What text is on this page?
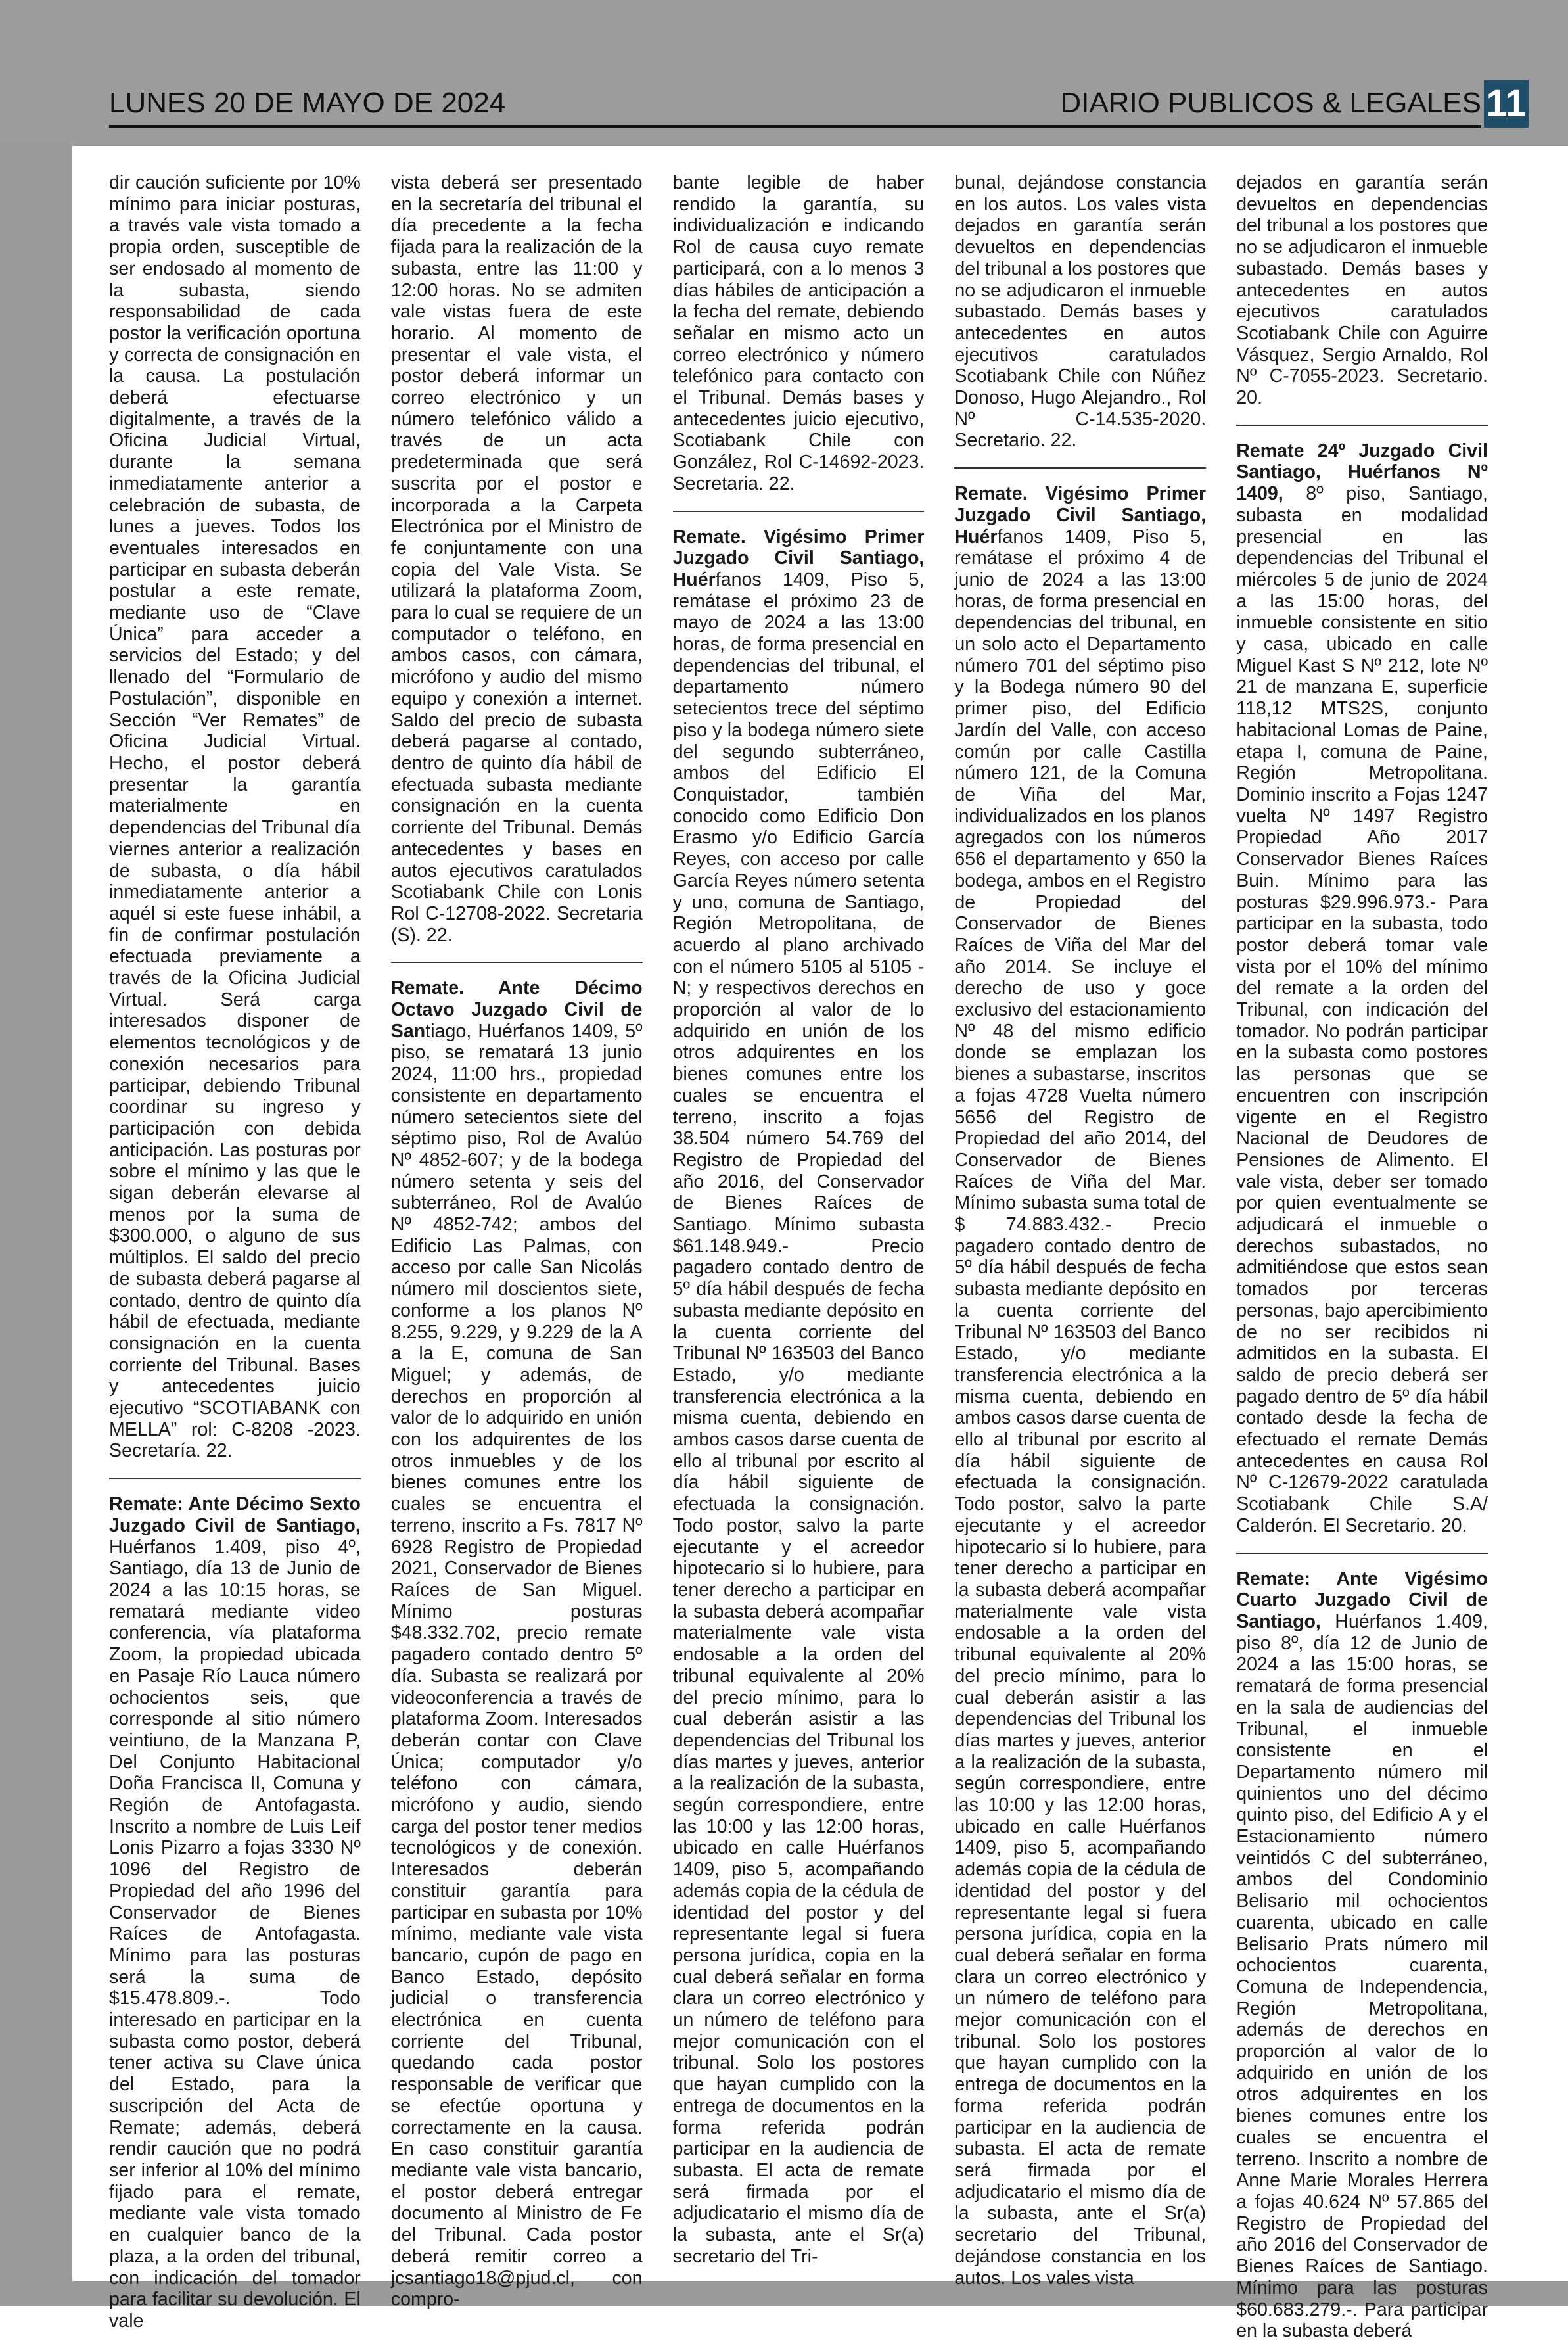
LUNES 20 DE MAYO DE 2024	DIARIO PUBLICOS & LEGALES 11

dir caución suficiente por 10% mínimo para iniciar posturas, a través vale vista tomado a propia orden, susceptible de ser endosado al momento de la subasta, siendo responsabilidad de cada postor la verificación oportuna y correcta de consignación en la causa. La postulación deberá efectuarse digitalmente, a través de la Oficina Judicial Virtual, durante la semana inmediatamente anterior a celebración de subasta, de lunes a jueves. Todos los eventuales interesados en participar en subasta deberán postular a este remate, mediante uso de “Clave Única” para acceder a servicios del Estado; y del llenado del “Formulario de Postulación”, disponible en Sección “Ver Remates” de Oficina Judicial Virtual. Hecho, el postor deberá presentar la garantía materialmente en dependencias del Tribunal día viernes anterior a realización de subasta, o día hábil inmediatamente anterior a aquél si este fuese inhábil, a fin de confirmar postulación efectuada previamente a través de la Oficina Judicial Virtual. Será carga interesados disponer de elementos tecnológicos y de conexión necesarios para participar, debiendo Tribunal coordinar su ingreso y participación con debida anticipación. Las posturas por sobre el mínimo y las que le sigan deberán elevarse al menos por la suma de $300.000, o alguno de sus múltiplos. El saldo del precio de subasta deberá pagarse al contado, dentro de quinto día hábil de efectuada, mediante consignación en la cuenta corriente del Tribunal. Bases y antecedentes juicio ejecutivo “SCOTIABANK con MELLA” rol: C-8208 -2023. Secretaría. 22.

Remate: Ante Décimo Sexto Juzgado Civil de Santiago, Huérfanos 1.409, piso 4º, Santiago, día 13 de Junio de 2024 a las 10:15 horas, se rematará mediante video conferencia, vía plataforma Zoom, la propiedad ubicada en Pasaje Río Lauca número ochocientos seis, que corresponde al sitio número veintiuno, de la Manzana P, Del Conjunto Habitacional Doña Francisca II, Comuna y Región de Antofagasta. Inscrito a nombre de Luis Leif Lonis Pizarro a fojas 3330 Nº 1096 del Registro de Propiedad del año 1996 del Conservador de Bienes Raíces de Antofagasta. Mínimo para las posturas será la suma de $15.478.809.-. Todo interesado en participar en la subasta como postor, deberá tener activa su Clave única del Estado, para la suscripción del Acta de Remate; además, deberá rendir caución que no podrá ser inferior al 10% del mínimo fijado para el remate, mediante vale vista tomado en cualquier banco de la plaza, a la orden del tribunal, con indicación del tomador para facilitar su devolución. El vale

vista deberá ser presentado en la secretaría del tribunal el día precedente a la fecha fijada para la realización de la subasta, entre las 11:00 y 12:00 horas. No se admiten vale vistas fuera de este horario. Al momento de presentar el vale vista, el postor deberá informar un correo electrónico y un número telefónico válido a través de un acta predeterminada que será suscrita por el postor e incorporada a la Carpeta Electrónica por el Ministro de fe conjuntamente con una copia del Vale Vista. Se utilizará la plataforma Zoom, para lo cual se requiere de un computador o teléfono, en ambos casos, con cámara, micrófono y audio del mismo equipo y conexión a internet. Saldo del precio de subasta deberá pagarse al contado, dentro de quinto día hábil de efectuada subasta mediante consignación en la cuenta corriente del Tribunal. Demás antecedentes y bases en autos ejecutivos caratulados Scotiabank Chile con Lonis Rol C-12708-2022. Secretaria (S). 22.

Remate. Ante Décimo Octavo Juzgado Civil de Santiago, Huérfanos 1409, 5º piso, se rematará 13 junio 2024, 11:00 hrs., propiedad consistente en departamento número setecientos siete del séptimo piso, Rol de Avalúo Nº 4852-607; y de la bodega número setenta y seis del subterráneo, Rol de Avalúo Nº 4852-742; ambos del Edificio Las Palmas, con acceso por calle San Nicolás número mil doscientos siete, conforme a los planos Nº 8.255, 9.229, y 9.229 de la A a la E, comuna de San Miguel; y además, de derechos en proporción al valor de lo adquirido en unión con los adquirentes de los otros inmuebles y de los bienes comunes entre los cuales se encuentra el terreno, inscrito a Fs. 7817 Nº 6928 Registro de Propiedad 2021, Conservador de Bienes Raíces de San Miguel. Mínimo posturas $48.332.702, precio remate pagadero contado dentro 5º día. Subasta se realizará por videoconferencia a través de plataforma Zoom. Interesados deberán contar con Clave Única; computador y/o teléfono con cámara, micrófono y audio, siendo carga del postor tener medios tecnológicos y de conexión. Interesados deberán constituir garantía para participar en subasta por 10% mínimo, mediante vale vista bancario, cupón de pago en Banco Estado, depósito judicial o transferencia electrónica en cuenta corriente del Tribunal, quedando cada postor responsable de verificar que se efectúe oportuna y correctamente en la causa. En caso constituir garantía mediante vale vista bancario, el postor deberá entregar documento al Ministro de Fe del Tribunal. Cada postor deberá remitir correo a jcsantiago18@pjud.cl, con compro-

bante legible de haber rendido la garantía, su individualización e indicando Rol de causa cuyo remate participará, con a lo menos 3 días hábiles de anticipación a la fecha del remate, debiendo señalar en mismo acto un correo electrónico y número telefónico para contacto con el Tribunal. Demás bases y antecedentes juicio ejecutivo, Scotiabank Chile con González, Rol C-14692-2023. Secretaria. 22.

Remate. Vigésimo Primer Juzgado Civil Santiago, Huérfanos 1409, Piso 5, remátase el próximo 23 de mayo de 2024 a las 13:00 horas, de forma presencial en dependencias del tribunal, el departamento número setecientos trece del séptimo piso y la bodega número siete del segundo subterráneo, ambos del Edificio El Conquistador, también conocido como Edificio Don Erasmo y/o Edificio García Reyes, con acceso por calle García Reyes número setenta y uno, comuna de Santiago, Región Metropolitana, de acuerdo al plano archivado con el número 5105 al 5105 - N; y respectivos derechos en proporción al valor de lo adquirido en unión de los otros adquirentes en los bienes comunes entre los cuales se encuentra el terreno, inscrito a fojas 38.504 número 54.769 del Registro de Propiedad del año 2016, del Conservador de Bienes Raíces de Santiago. Mínimo subasta $61.148.949.- Precio pagadero contado dentro de 5º día hábil después de fecha subasta mediante depósito en la cuenta corriente del Tribunal Nº 163503 del Banco Estado, y/o mediante transferencia electrónica a la misma cuenta, debiendo en ambos casos darse cuenta de ello al tribunal por escrito al día hábil siguiente de efectuada la consignación. Todo postor, salvo la parte ejecutante y el acreedor hipotecario si lo hubiere, para tener derecho a participar en la subasta deberá acompañar materialmente vale vista endosable a la orden del tribunal equivalente al 20% del precio mínimo, para lo cual deberán asistir a las dependencias del Tribunal los días martes y jueves, anterior a la realización de la subasta, según correspondiere, entre las 10:00 y las 12:00 horas, ubicado en calle Huérfanos 1409, piso 5, acompañando además copia de la cédula de identidad del postor y del representante legal si fuera persona jurídica, copia en la cual deberá señalar en forma clara un correo electrónico y un número de teléfono para mejor comunicación con el tribunal. Solo los postores que hayan cumplido con la entrega de documentos en la forma referida podrán participar en la audiencia de subasta. El acta de remate será firmada por el adjudicatario el mismo día de la subasta, ante el Sr(a) secretario del Tri-

bunal, dejándose constancia en los autos. Los vales vista dejados en garantía serán devueltos en dependencias del tribunal a los postores que no se adjudicaron el inmueble subastado. Demás bases y antecedentes en autos ejecutivos caratulados Scotiabank Chile con Núñez Donoso, Hugo Alejandro., Rol Nº C-14.535-2020. Secretario. 22.

Remate. Vigésimo Primer Juzgado Civil Santiago, Huérfanos 1409, Piso 5, remátase el próximo 4 de junio de 2024 a las 13:00 horas, de forma presencial en dependencias del tribunal, en un solo acto el Departamento número 701 del séptimo piso y la Bodega número 90 del primer piso, del Edificio Jardín del Valle, con acceso común por calle Castilla número 121, de la Comuna de Viña del Mar, individualizados en los planos agregados con los números 656 el departamento y 650 la bodega, ambos en el Registro de Propiedad del Conservador de Bienes Raíces de Viña del Mar del año 2014. Se incluye el derecho de uso y goce exclusivo del estacionamiento Nº 48 del mismo edificio donde se emplazan los bienes a subastarse, inscritos a fojas 4728 Vuelta número 5656 del Registro de Propiedad del año 2014, del Conservador de Bienes Raíces de Viña del Mar. Mínimo subasta suma total de $ 74.883.432.- Precio pagadero contado dentro de 5º día hábil después de fecha subasta mediante depósito en la cuenta corriente del Tribunal Nº 163503 del Banco Estado, y/o mediante transferencia electrónica a la misma cuenta, debiendo en ambos casos darse cuenta de ello al tribunal por escrito al día hábil siguiente de efectuada la consignación. Todo postor, salvo la parte ejecutante y el acreedor hipotecario si lo hubiere, para tener derecho a participar en la subasta deberá acompañar materialmente vale vista endosable a la orden del tribunal equivalente al 20% del precio mínimo, para lo cual deberán asistir a las dependencias del Tribunal los días martes y jueves, anterior a la realización de la subasta, según correspondiere, entre las 10:00 y las 12:00 horas, ubicado en calle Huérfanos 1409, piso 5, acompañando además copia de la cédula de identidad del postor y del representante legal si fuera persona jurídica, copia en la cual deberá señalar en forma clara un correo electrónico y un número de teléfono para mejor comunicación con el tribunal. Solo los postores que hayan cumplido con la entrega de documentos en la forma referida podrán participar en la audiencia de subasta. El acta de remate será firmada por el adjudicatario el mismo día de la subasta, ante el Sr(a) secretario del Tribunal, dejándose constancia en los autos. Los vales vista

dejados en garantía serán devueltos en dependencias del tribunal a los postores que no se adjudicaron el inmueble subastado. Demás bases y antecedentes en autos ejecutivos caratulados Scotiabank Chile con Aguirre Vásquez, Sergio Arnaldo, Rol Nº C-7055-2023. Secretario. 20.

Remate 24º Juzgado Civil Santiago, Huérfanos Nº 1409, 8º piso, Santiago, subasta en modalidad presencial en las dependencias del Tribunal el miércoles 5 de junio de 2024 a las 15:00 horas, del inmueble consistente en sitio y casa, ubicado en calle Miguel Kast S Nº 212, lote Nº 21 de manzana E, superficie 118,12 MTS2S, conjunto habitacional Lomas de Paine, etapa I, comuna de Paine, Región Metropolitana. Dominio inscrito a Fojas 1247 vuelta Nº 1497 Registro Propiedad Año 2017 Conservador Bienes Raíces Buin. Mínimo para las posturas $29.996.973.- Para participar en la subasta, todo postor deberá tomar vale vista por el 10% del mínimo del remate a la orden del Tribunal, con indicación del tomador. No podrán participar en la subasta como postores las personas que se encuentren con inscripción vigente en el Registro Nacional de Deudores de Pensiones de Alimento. El vale vista, deber ser tomado por quien eventualmente se adjudicará el inmueble o derechos subastados, no admitiéndose que estos sean tomados por terceras personas, bajo apercibimiento de no ser recibidos ni admitidos en la subasta. El saldo de precio deberá ser pagado dentro de 5º día hábil contado desde la fecha de efectuado el remate Demás antecedentes en causa Rol Nº C-12679-2022 caratulada Scotiabank Chile S.A/ Calderón. El Secretario. 20.

Remate: Ante Vigésimo Cuarto Juzgado Civil de Santiago, Huérfanos 1.409, piso 8º, día 12 de Junio de 2024 a las 15:00 horas, se rematará de forma presencial en la sala de audiencias del Tribunal, el inmueble consistente en el Departamento número mil quinientos uno del décimo quinto piso, del Edificio A y el Estacionamiento número veintidós C del subterráneo, ambos del Condominio Belisario mil ochocientos cuarenta, ubicado en calle Belisario Prats número mil ochocientos cuarenta, Comuna de Independencia, Región Metropolitana, además de derechos en proporción al valor de lo adquirido en unión de los otros adquirentes en los bienes comunes entre los cuales se encuentra el terreno. Inscrito a nombre de Anne Marie Morales Herrera a fojas 40.624 Nº 57.865 del Registro de Propiedad del año 2016 del Conservador de Bienes Raíces de Santiago. Mínimo para las posturas $60.683.279.-. Para participar en la subasta deberá
